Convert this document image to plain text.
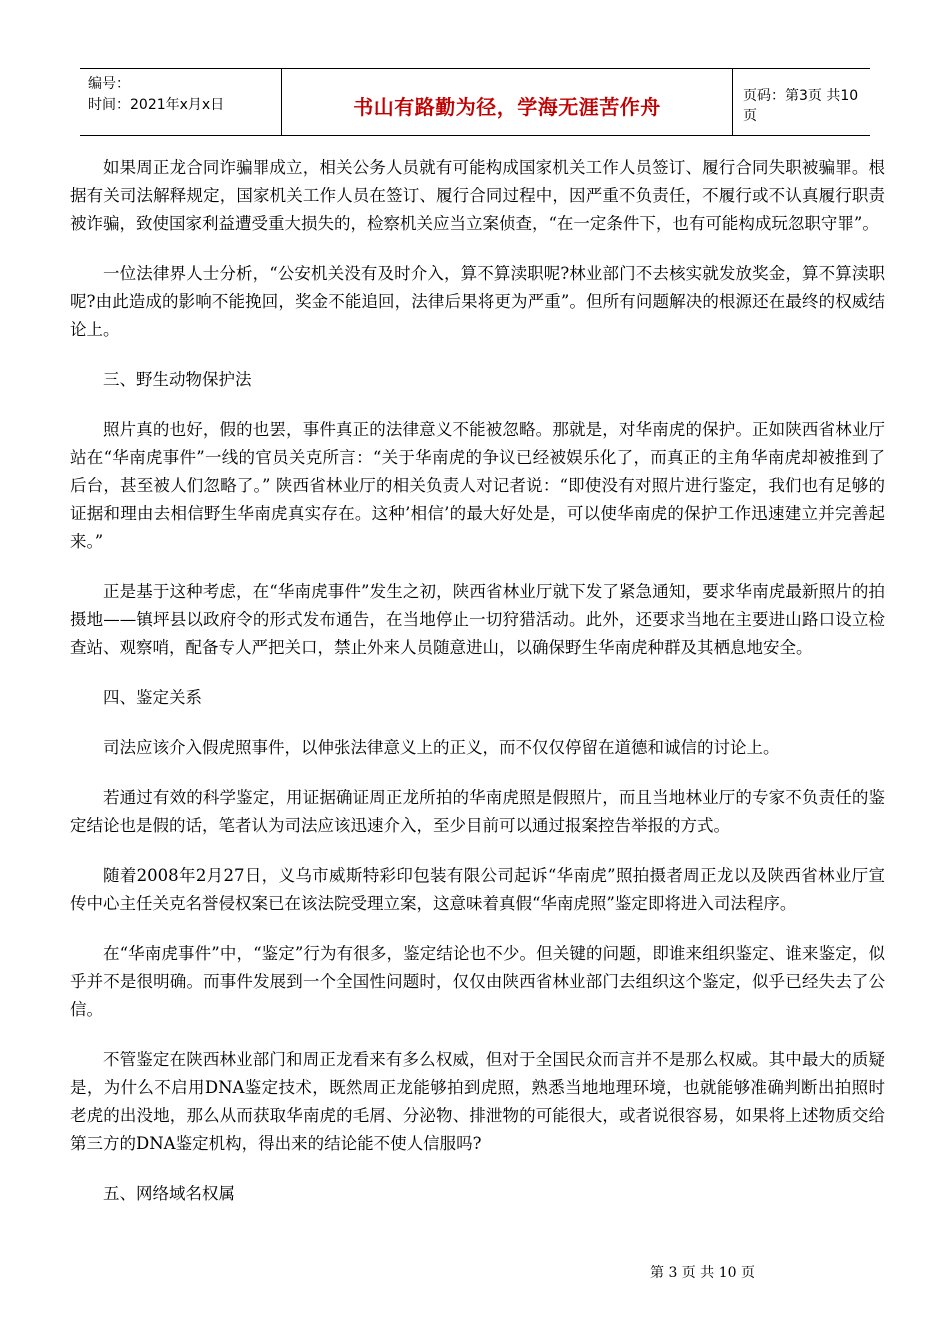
编号：
时间：2021年x月x日	书山有路勤为径，学海无涯苦作舟	页码：第3页 共10页

如果周正龙合同诈骗罪成立，相关公务人员就有可能构成国家机关工作人员签订、履行合同失职被骗罪。根据有关司法解释规定，国家机关工作人员在签订、履行合同过程中，因严重不负责任，不履行或不认真履行职责被诈骗，致使国家利益遭受重大损失的，检察机关应当立案侦查，“在一定条件下，也有可能构成玩忽职守罪”。

一位法律界人士分析，“公安机关没有及时介入，算不算渎职呢?林业部门不去核实就发放奖金，算不算渎职呢?由此造成的影响不能挽回，奖金不能追回，法律后果将更为严重”。但所有问题解决的根源还在最终的权威结论上。

三、野生动物保护法

照片真的也好，假的也罢，事件真正的法律意义不能被忽略。那就是，对华南虎的保护。正如陕西省林业厅站在“华南虎事件”一线的官员关克所言：“关于华南虎的争议已经被娱乐化了，而真正的主角华南虎却被推到了后台，甚至被人们忽略了。” 陕西省林业厅的相关负责人对记者说：“即使没有对照片进行鉴定，我们也有足够的证据和理由去相信野生华南虎真实存在。这种’相信’的最大好处是，可以使华南虎的保护工作迅速建立并完善起来。”

正是基于这种考虑，在“华南虎事件”发生之初，陕西省林业厅就下发了紧急通知，要求华南虎最新照片的拍摄地——镇坪县以政府令的形式发布通告，在当地停止一切狩猎活动。此外，还要求当地在主要进山路口设立检查站、观察哨，配备专人严把关口，禁止外来人员随意进山，以确保野生华南虎种群及其栖息地安全。

四、鉴定关系

司法应该介入假虎照事件，以伸张法律意义上的正义，而不仅仅停留在道德和诚信的讨论上。

若通过有效的科学鉴定，用证据确证周正龙所拍的华南虎照是假照片，而且当地林业厅的专家不负责任的鉴定结论也是假的话，笔者认为司法应该迅速介入，至少目前可以通过报案控告举报的方式。

随着2008年2月27日，义乌市威斯特彩印包装有限公司起诉“华南虎”照拍摄者周正龙以及陕西省林业厅宣传中心主任关克名誉侵权案已在该法院受理立案，这意味着真假“华南虎照”鉴定即将进入司法程序。

在“华南虎事件”中，“鉴定”行为有很多，鉴定结论也不少。但关键的问题，即谁来组织鉴定、谁来鉴定，似乎并不是很明确。而事件发展到一个全国性问题时，仅仅由陕西省林业部门去组织这个鉴定，似乎已经失去了公信。

不管鉴定在陕西林业部门和周正龙看来有多么权威，但对于全国民众而言并不是那么权威。其中最大的质疑是，为什么不启用DNA鉴定技术，既然周正龙能够拍到虎照，熟悉当地地理环境，也就能够准确判断出拍照时老虎的出没地，那么从而获取华南虎的毛屑、分泌物、排泄物的可能很大，或者说很容易，如果将上述物质交给第三方的DNA鉴定机构，得出来的结论能不使人信服吗?

五、网络域名权属

第 3 页 共 10 页
